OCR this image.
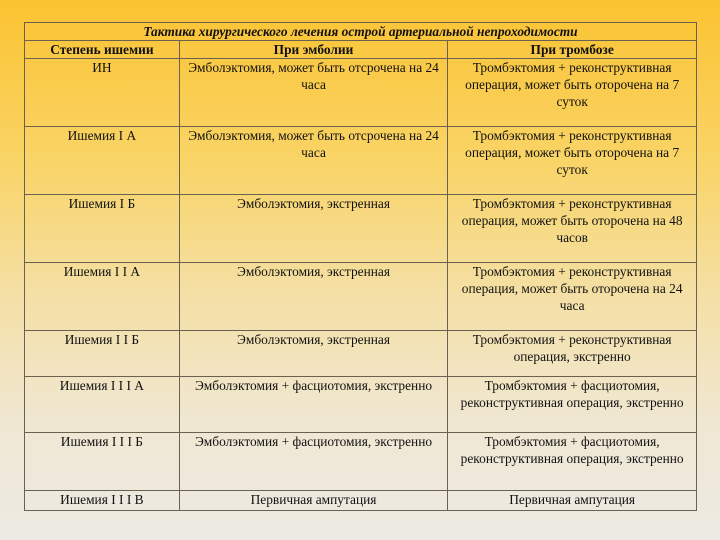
Тактика хирургического лечения острой артериальной непроходимости		
Степень ишемии	При эмболии	При тромбозе
ИН	Эмболэктомия, может быть отсрочена на 24 часа	Тромбэктомия + реконструктивная операция, может быть оторочена на 7 суток
Ишемия I А	Эмболэктомия, может быть отсрочена на 24 часа	Тромбэктомия + реконструктивная операция, может быть оторочена на 7 суток
Ишемия I Б	Эмболэктомия, экстренная	Тромбэктомия + реконструктивная операция, может быть оторочена на 48 часов
Ишемия I I А	Эмболэктомия, экстренная	Тромбэктомия + реконструктивная операция, может быть оторочена на 24 часа
Ишемия I I Б	Эмболэктомия, экстренная	Тромбэктомия + реконструктивная операция, экстренно
Ишемия I I I А	Эмболэктомия + фасциотомия, экстренно	Тромбэктомия + фасциотомия, реконструктивная операция, экстренно
Ишемия I I I Б	Эмболэктомия + фасциотомия, экстренно	Тромбэктомия + фасциотомия, реконструктивная операция, экстренно
Ишемия I I I В	Первичная ампутация	Первичная ампутация
